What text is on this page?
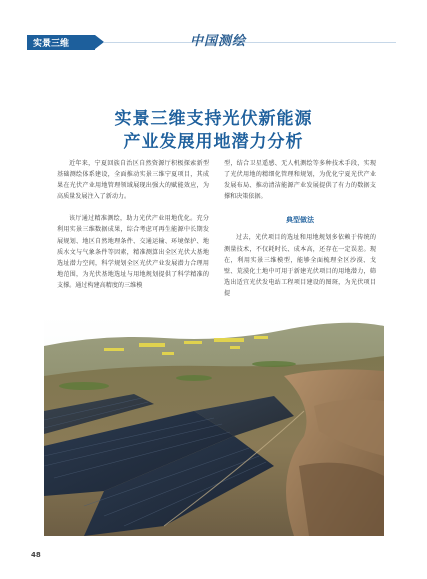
实景三维	中国测绘
实景三维支持光伏新能源
产业发展用地潜力分析

近年来，宁夏回族自治区自然资源厅积极探索新型基础测绘体系建设，全面推动实景三维宁夏项目，其成果在光伏产业用地管理领域展现出强大的赋能效应，为高质量发展注入了新动力。

该厅通过精准测绘，助力光伏产业用地优化。充分利用实景三维数据成果，综合考虑可再生能源中长期发展规划、地区自然地理条件、交通运输、环境保护、地质水文与气象条件等因素，精准测算出全区光伏大基地选址潜力空间，科学规划全区光伏产业发展潜力合理用地范围，为光伏基地选址与用地规划提供了科学精准的支撑。通过构建高精度的三维模

型，结合卫星遥感、无人机测绘等多种技术手段，实现了光伏用地的精细化管理和规划，为优化宁夏光伏产业发展布局、推动清洁能源产业发展提供了有力的数据支撑和决策依据。

典型做法

过去，光伏项目的选址和用地规划多依赖于传统的测量技术，不仅耗时长、成本高，还存在一定误差。现在，利用实景三维模型，能够全面梳理全区沙漠、戈壁、荒漠化土地中可用于新建光伏项目的用地潜力，筛选出适宜光伏发电站工程项目建设的图斑，为光伏项目提

48
